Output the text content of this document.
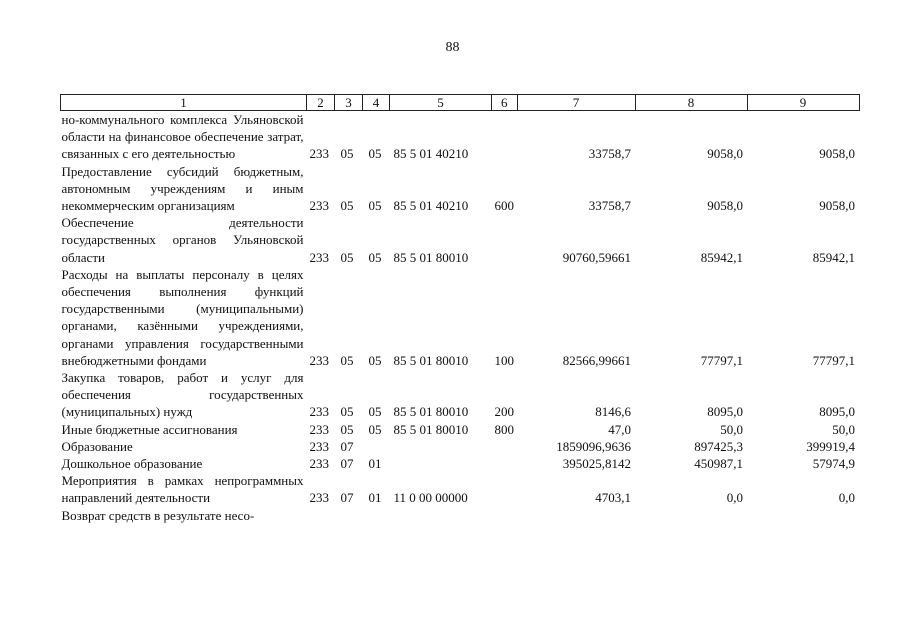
88
1	2	3	4	5	6	7	8	9
но-коммунального комплекса Ульяновской области на финансовое обеспечение затрат, связанных с его деятельностью	233	05	05	85 5 01 40210		33758,7	9058,0	9058,0
Предоставление субсидий бюджетным, автономным учреждениям и иным некоммерческим организациям	233	05	05	85 5 01 40210	600	33758,7	9058,0	9058,0
Обеспечение деятельности государственных органов Ульяновской области	233	05	05	85 5 01 80010		90760,59661	85942,1	85942,1
Расходы на выплаты персоналу в целях обеспечения выполнения функций государственными (муниципальными) органами, казёнными учреждениями, органами управления государственными внебюджетными фондами	233	05	05	85 5 01 80010	100	82566,99661	77797,1	77797,1
Закупка товаров, работ и услуг для обеспечения государственных (муниципальных) нужд	233	05	05	85 5 01 80010	200	8146,6	8095,0	8095,0
Иные бюджетные ассигнования	233	05	05	85 5 01 80010	800	47,0	50,0	50,0
Образование	233	07				1859096,9636	897425,3	399919,4
Дошкольное образование	233	07	01			395025,8142	450987,1	57974,9
Мероприятия в рамках непрограммных направлений деятельности	233	07	01	11 0 00 00000		4703,1	0,0	0,0
Возврат средств в результате несо-								
